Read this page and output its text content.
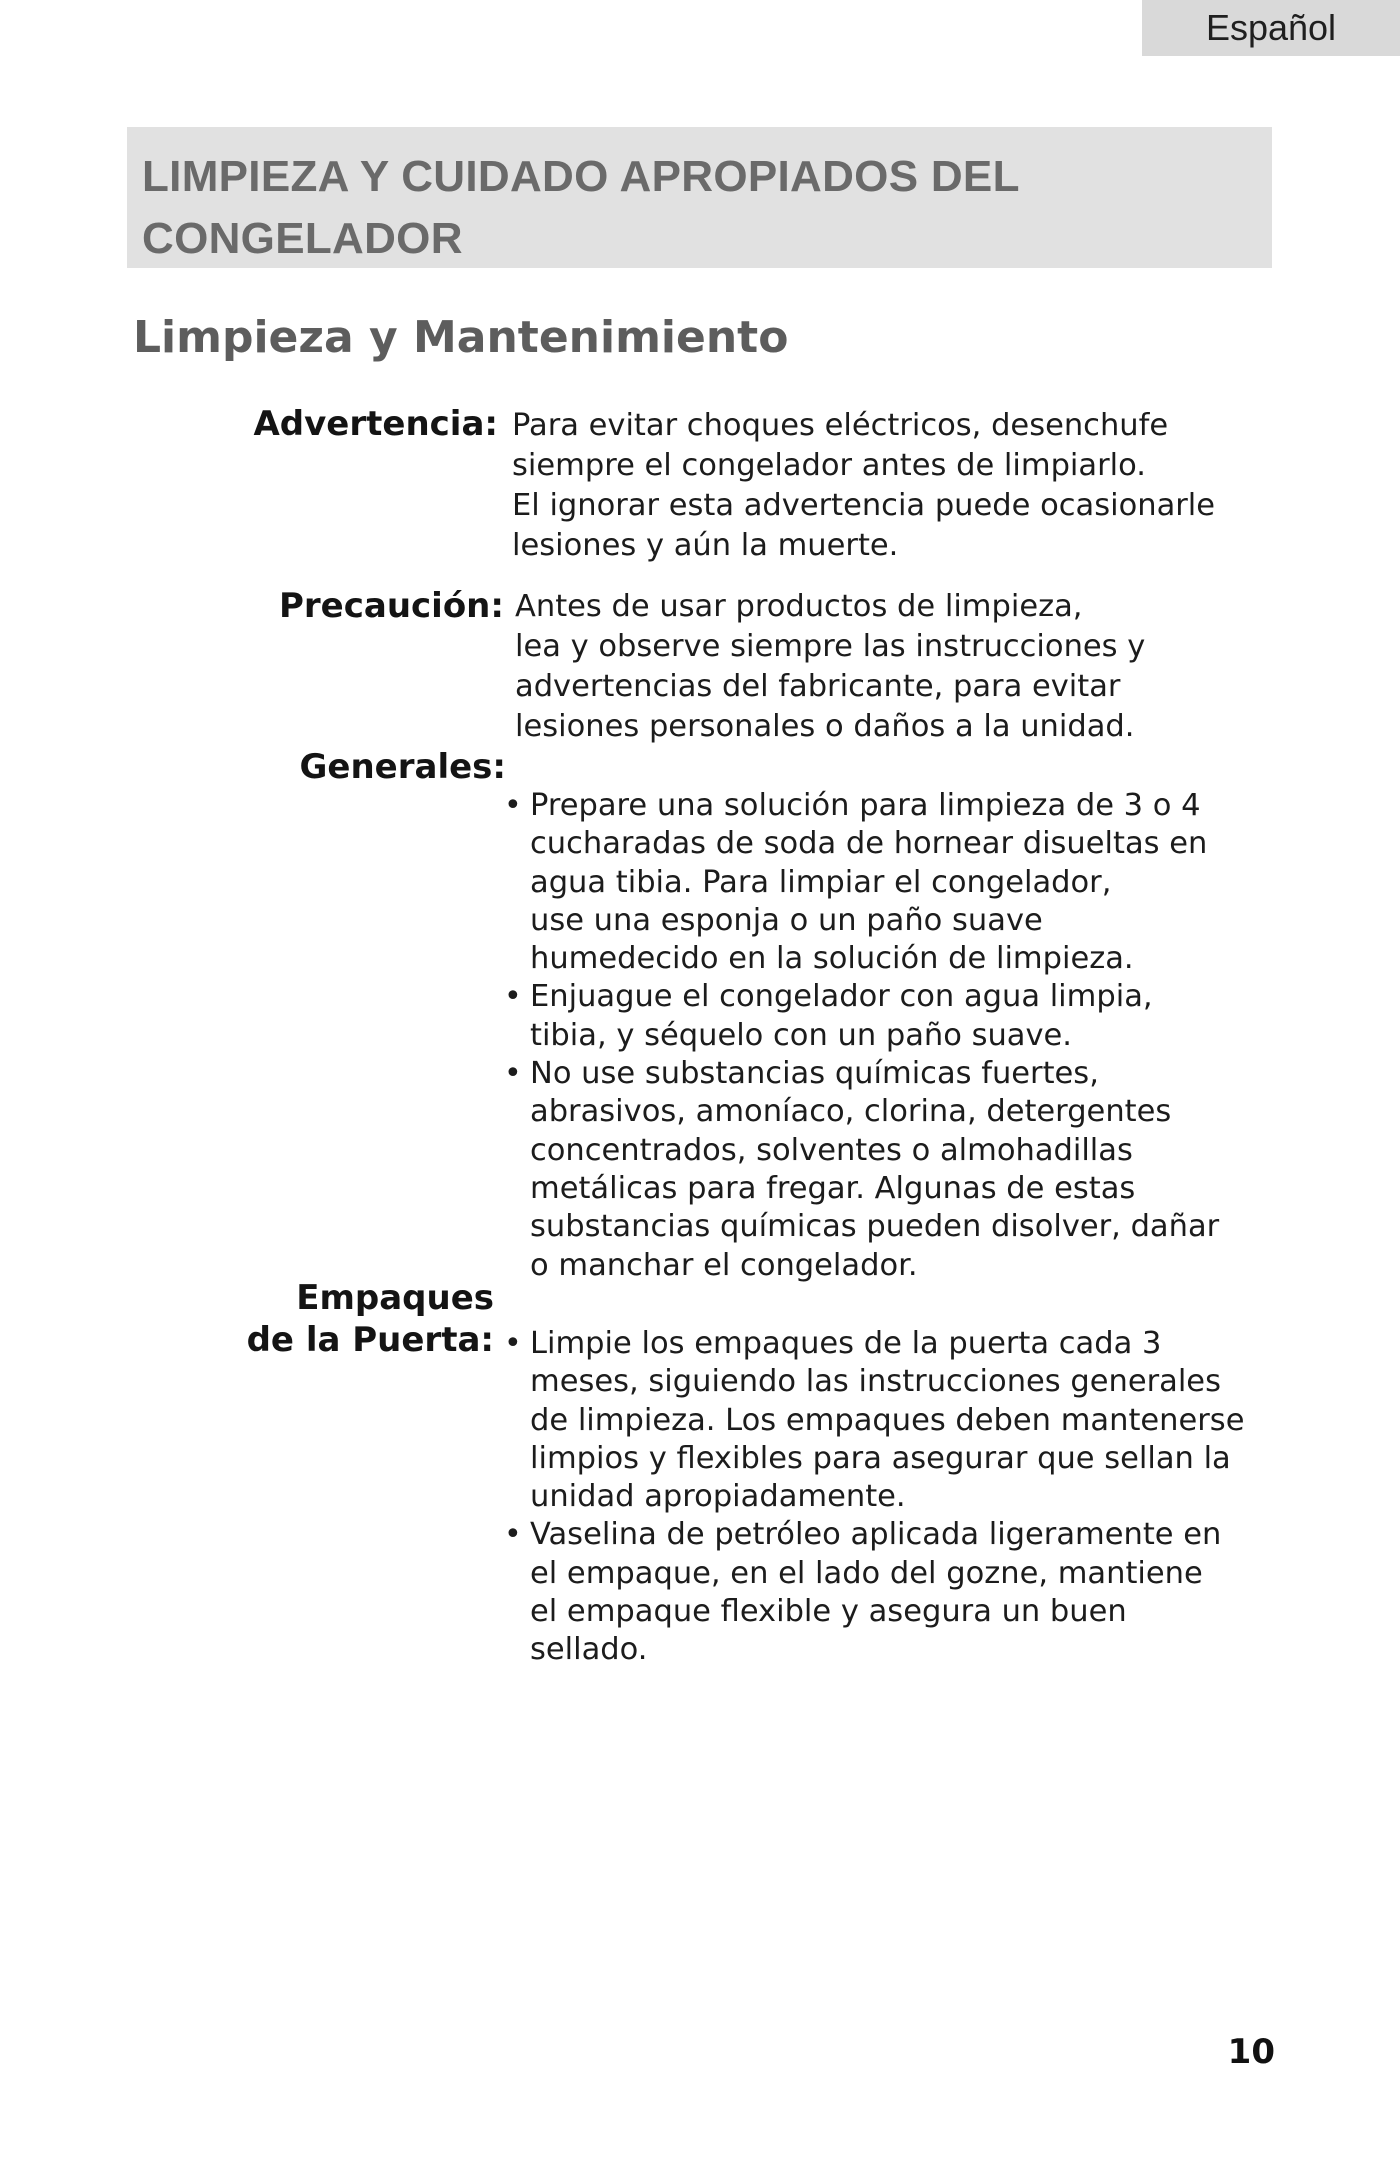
Español
LIMPIEZA Y CUIDADO APROPIADOS DEL
CONGELADOR
Limpieza y Mantenimiento
Advertencia: Para evitar choques eléctricos, desenchufe
siempre el congelador antes de limpiarlo.
El ignorar esta advertencia puede ocasionarle
lesiones y aún la muerte.
Precaución: Antes de usar productos de limpieza,
lea y observe siempre las instrucciones y
advertencias del fabricante, para evitar
lesiones personales o daños a la unidad.
Generales:
• Prepare una solución para limpieza de 3 o 4
cucharadas de soda de hornear disueltas en
agua tibia. Para limpiar el congelador,
use una esponja o un paño suave
humedecido en la solución de limpieza.
• Enjuague el congelador con agua limpia,
tibia, y séquelo con un paño suave.
• No use substancias químicas fuertes,
abrasivos, amoníaco, clorina, detergentes
concentrados, solventes o almohadillas
metálicas para fregar. Algunas de estas
substancias químicas pueden disolver, dañar
o manchar el congelador.
Empaques
de la Puerta: • Limpie los empaques de la puerta cada 3
meses, siguiendo las instrucciones generales
de limpieza. Los empaques deben mantenerse
limpios y flexibles para asegurar que sellan la
unidad apropiadamente.
• Vaselina de petróleo aplicada ligeramente en
el empaque, en el lado del gozne, mantiene
el empaque flexible y asegura un buen
sellado.
10
